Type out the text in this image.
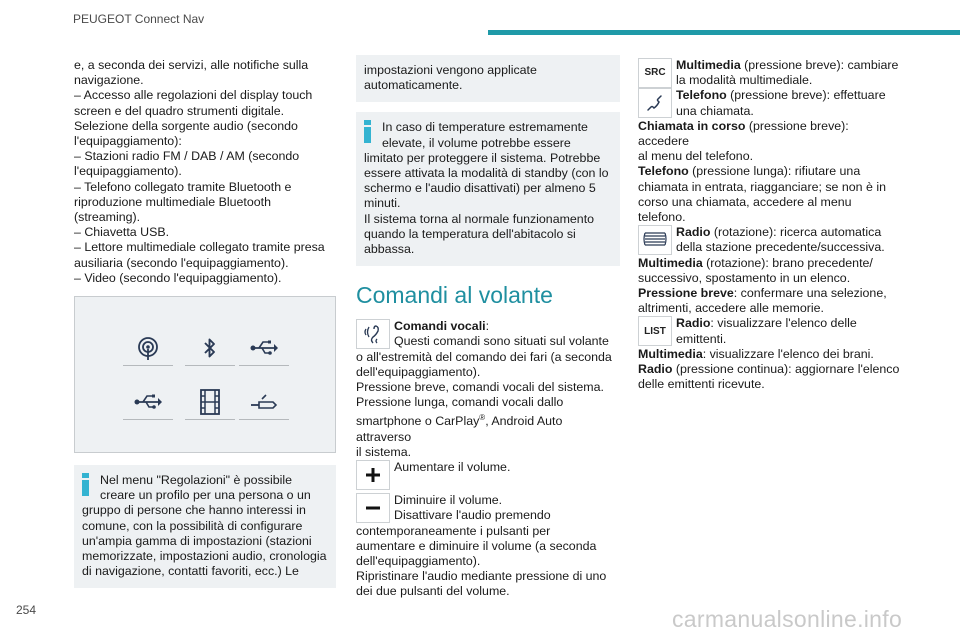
PEUGEOT Connect Nav

e, a seconda dei servizi, alle notifiche sulla

navigazione.

– Accesso alle regolazioni del display touch

screen e del quadro strumenti digitale.

Selezione della sorgente audio (secondo

l'equipaggiamento):

– Stazioni radio FM / DAB / AM (secondo

l'equipaggiamento).

– Telefono collegato tramite Bluetooth e

riproduzione multimediale Bluetooth (streaming).

– Chiavetta USB.

– Lettore multimediale collegato tramite presa

ausiliaria (secondo l'equipaggiamento).

– Video (secondo l'equipaggiamento).

Nel menu "Regolazioni" è possibile

creare un profilo per una persona o un

gruppo di persone che hanno interessi in

comune, con la possibilità di configurare

un'ampia gamma di impostazioni (stazioni

memorizzate, impostazioni audio, cronologia

di navigazione, contatti favoriti, ecc.) Le

impostazioni vengono applicate

automaticamente.

In caso di temperature estremamente

elevate, il volume potrebbe essere

limitato per proteggere il sistema. Potrebbe

essere attivata la modalità di standby (con lo

schermo e l'audio disattivati) per almeno 5

minuti.

Il sistema torna al normale funzionamento

quando la temperatura dell'abitacolo si

abbassa.

Comandi al volante

Comandi vocali:

Questi comandi sono situati sul volante

o all'estremità del comando dei fari (a seconda

dell'equipaggiamento).

Pressione breve, comandi vocali del sistema.

Pressione lunga, comandi vocali dallo

smartphone o CarPlay®, Android Auto attraverso

il sistema.

Aumentare il volume.

Diminuire il volume.

Disattivare l'audio premendo

contemporaneamente i pulsanti per

aumentare e diminuire il volume (a seconda

dell'equipaggiamento).

Ripristinare l'audio mediante pressione di uno

dei due pulsanti del volume.

SRC

Multimedia (pressione breve): cambiare

la modalità multimediale.

Telefono (pressione breve): effettuare

una chiamata.

Chiamata in corso (pressione breve): accedere

al menu del telefono.

Telefono (pressione lunga): rifiutare una

chiamata in entrata, riagganciare; se non è in

corso una chiamata, accedere al menu telefono.

Radio (rotazione): ricerca automatica

della stazione precedente/successiva.

Multimedia (rotazione): brano precedente/

successivo, spostamento in un elenco.

Pressione breve: confermare una selezione,

altrimenti, accedere alle memorie.

LIST

Radio: visualizzare l'elenco delle

emittenti.

Multimedia: visualizzare l'elenco dei brani.

Radio (pressione continua): aggiornare l'elenco

delle emittenti ricevute.

254	carmanualsonline.info
